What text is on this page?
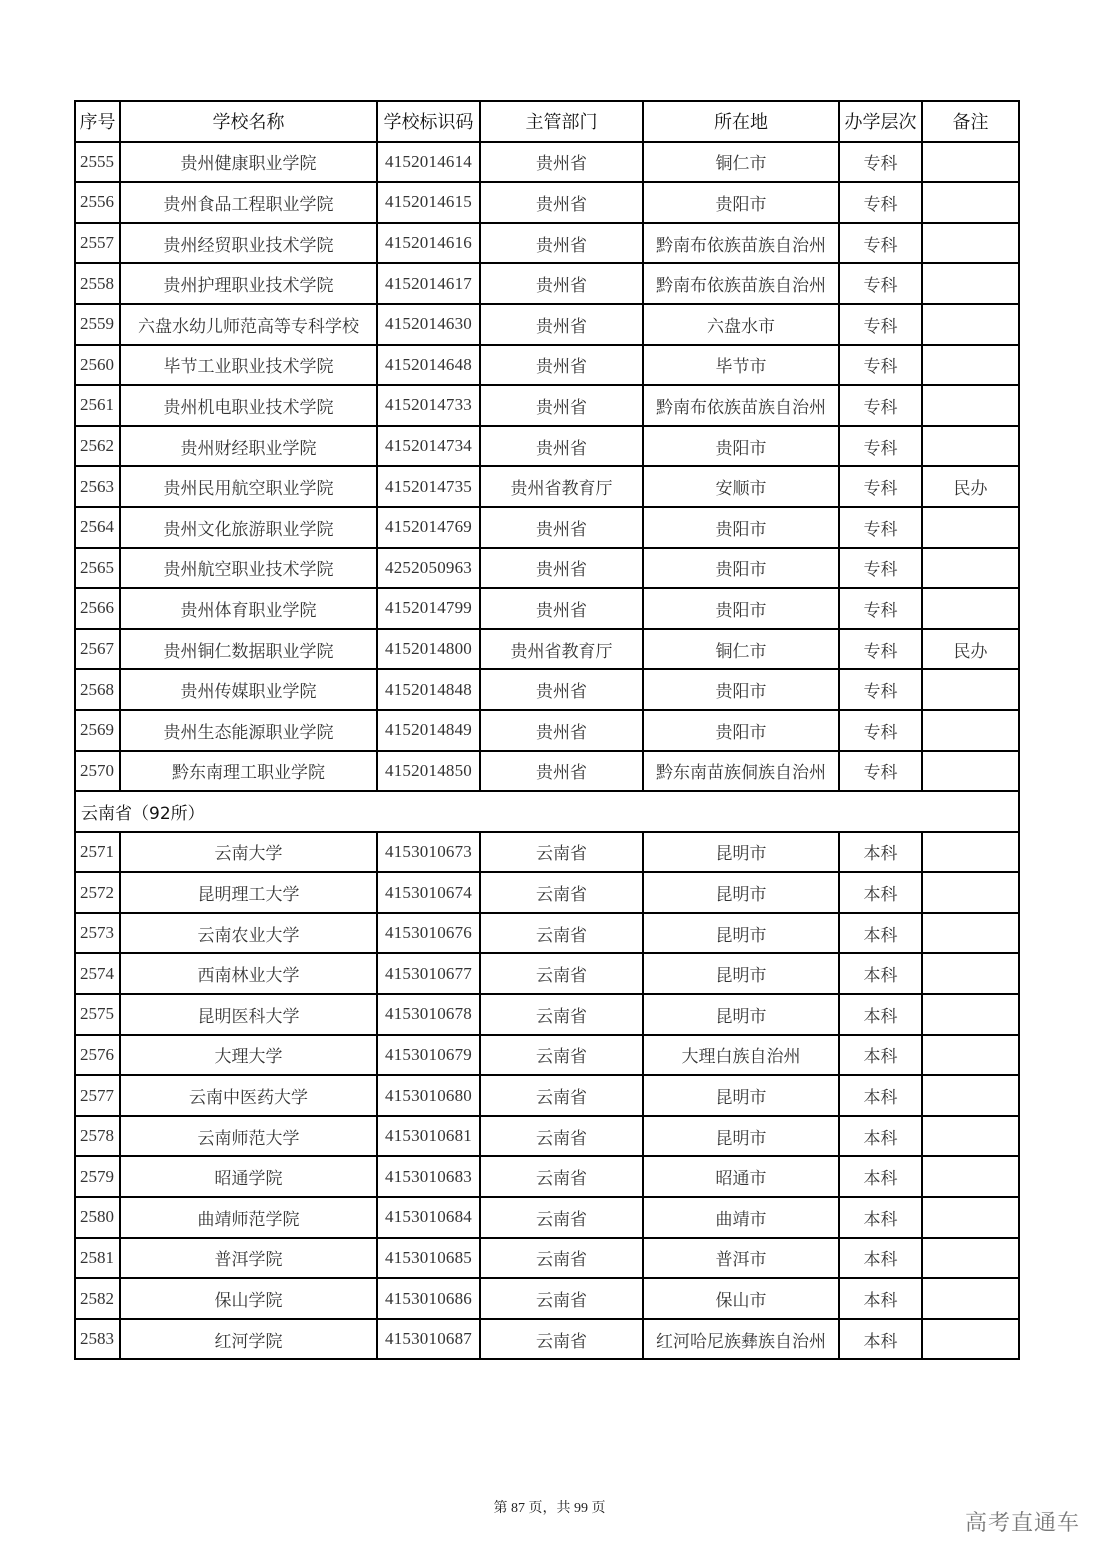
序号	学校名称	学校标识码	主管部门	所在地	办学层次	备注
2555	贵州健康职业学院	4152014614	贵州省	铜仁市	专科	
2556	贵州食品工程职业学院	4152014615	贵州省	贵阳市	专科	
2557	贵州经贸职业技术学院	4152014616	贵州省	黔南布依族苗族自治州	专科	
2558	贵州护理职业技术学院	4152014617	贵州省	黔南布依族苗族自治州	专科	
2559	六盘水幼儿师范高等专科学校	4152014630	贵州省	六盘水市	专科	
2560	毕节工业职业技术学院	4152014648	贵州省	毕节市	专科	
2561	贵州机电职业技术学院	4152014733	贵州省	黔南布依族苗族自治州	专科	
2562	贵州财经职业学院	4152014734	贵州省	贵阳市	专科	
2563	贵州民用航空职业学院	4152014735	贵州省教育厅	安顺市	专科	民办
2564	贵州文化旅游职业学院	4152014769	贵州省	贵阳市	专科	
2565	贵州航空职业技术学院	4252050963	贵州省	贵阳市	专科	
2566	贵州体育职业学院	4152014799	贵州省	贵阳市	专科	
2567	贵州铜仁数据职业学院	4152014800	贵州省教育厅	铜仁市	专科	民办
2568	贵州传媒职业学院	4152014848	贵州省	贵阳市	专科	
2569	贵州生态能源职业学院	4152014849	贵州省	贵阳市	专科	
2570	黔东南理工职业学院	4152014850	贵州省	黔东南苗族侗族自治州	专科	
云南省（92所）						
2571	云南大学	4153010673	云南省	昆明市	本科	
2572	昆明理工大学	4153010674	云南省	昆明市	本科	
2573	云南农业大学	4153010676	云南省	昆明市	本科	
2574	西南林业大学	4153010677	云南省	昆明市	本科	
2575	昆明医科大学	4153010678	云南省	昆明市	本科	
2576	大理大学	4153010679	云南省	大理白族自治州	本科	
2577	云南中医药大学	4153010680	云南省	昆明市	本科	
2578	云南师范大学	4153010681	云南省	昆明市	本科	
2579	昭通学院	4153010683	云南省	昭通市	本科	
2580	曲靖师范学院	4153010684	云南省	曲靖市	本科	
2581	普洱学院	4153010685	云南省	普洱市	本科	
2582	保山学院	4153010686	云南省	保山市	本科	
2583	红河学院	4153010687	云南省	红河哈尼族彝族自治州	本科	
第 87 页，共 99 页
高考直通车
